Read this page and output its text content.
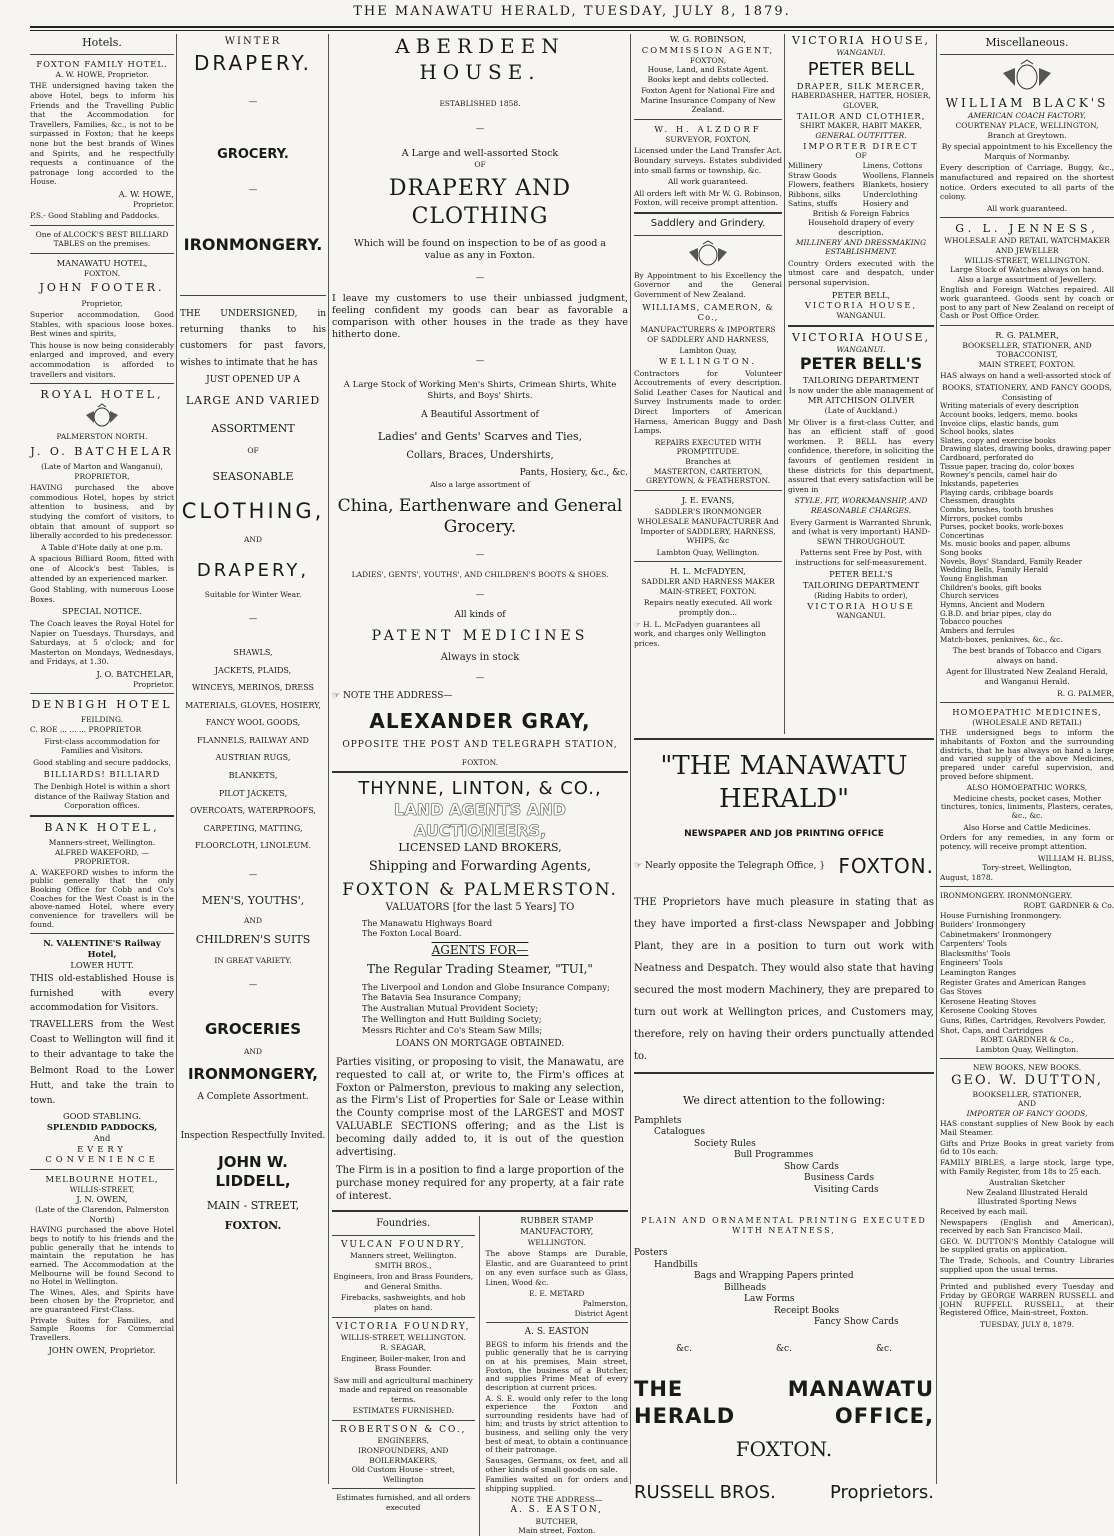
THE MANAWATU HERALD, TUESDAY, JULY 8, 1879.
Hotels.
FOXTON FAMILY HOTEL.
A. W. HOWE, Proprietor.

THE undersigned having taken the above Hotel, begs to inform his Friends and the Travelling Public that the Accommodation for Travellers, Families, &c., is not to be surpassed in Foxton; that he keeps none but the best brands of Wines and Spirits, and he respectfully requests a continuance of the patronage long accorded to the House.

A. W. HOWE,
Proprietor.

P.S.- Good Stabling and Paddocks.

One of ALCOCK'S BEST BILLIARD TABLES on the premises.

MANAWATU HOTEL,
FOXTON.
JOHN FOOTER.
Proprietor,

Superior accommodation. Good Stables, with spacious loose boxes. Best wines and spirits,

This house is now being considerably enlarged and improved, and every accommodation is afforded to travellers and visitors.

ROYAL HOTEL,
PALMERSTON NORTH.
J. O. BATCHELAR
(Late of Marton and Wanganui),
PROPRIETOR,

HAVING purchased the above commodious Hotel, hopes by strict attention to business, and by studying the comfort of visitors, to obtain that amount of support so liberally accorded to his predecessor.

A Table d'Hote daily at one p.m.

A spacious Billiard Room, fitted with one of Alcock's best Tables, is attended by an experienced marker.

Good Stabling, with numerous Loose Boxes.

SPECIAL NOTICE.

The Coach leaves the Royal Hotel for Napier on Tuesdays, Thursdays, and Saturdays, at 5 o'clock; and for Masterton on Mondays, Wednesdays, and Fridays, at 1.30.

J. O. BATCHELAR,
Proprietor.
DENBIGH HOTEL
FEILDING.
C. ROE ... ... ... PROPRIETOR

First-class accommodation for Families and Visitors.

Good stabling and secure paddocks,

BILLIARDS! BILLIARD

The Denbigh Hotel is within a short distance of the Railway Station and Corporation offices.

BANK HOTEL,
Manners-street, Wellington.
ALFRED WAKEFORD, — PROPRIETOR.

A. WAKEFORD wishes to inform the public generally that the only Booking Office for Cobb and Co's Coaches for the West Coast is in the above-named Hotel, where every convenience for travellers will be found.

N. VALENTINE'S Railway Hotel,
LOWER HUTT.

THIS old-established House is furnished with every accommodation for Visitors.

TRAVELLERS from the West Coast to Wellington will find it to their advantage to take the Belmont Road to the Lower Hutt, and take the train to town.

GOOD STABLING.
SPLENDID PADDOCKS,
And
EVERY CONVENIENCE
MELBOURNE HOTEL,
WILLIS-STREET,
J. N. OWEN,
(Late of the Clarendon, Palmerston North)

HAVING purchased the above Hotel begs to notify to his friends and the public generally that he intends to maintain the reputation he has earned. The Accommodation at the Melbourne will be found Second to no Hotel in Wellington.

The Wines, Ales, and Spirits have been chosen by the Proprietor, and are guaranteed First-Class.

Private Suites for Families, and Sample Rooms for Commercial Travellers.

JOHN OWEN, Proprietor.
WINTER
DRAPERY.
—
GROCERY.
—
IRONMONGERY.

THE UNDERSIGNED, in returning thanks to his customers for past favors, wishes to intimate that he has

JUST OPENED UP A
LARGE AND VARIED
ASSORTMENT
OF
SEASONABLE
CLOTHING,
AND
DRAPERY,
Suitable for Winter Wear.
—
SHAWLS,
JACKETS, PLAIDS,
WINCEYS, MERINOS, DRESS
MATERIALS, GLOVES, HOSIERY,
FANCY WOOL GOODS, FLANNELS, RAILWAY AND
AUSTRIAN RUGS,
BLANKETS,
PILOT JACKETS,
OVERCOATS, WATERPROOFS,
CARPETING, MATTING, FLOORCLOTH, LINOLEUM.
—
MEN'S, YOUTHS',
AND
CHILDREN'S SUITS
IN GREAT VARIETY.
—
GROCERIES
AND
IRONMONGERY,
A Complete Assortment.
Inspection Respectfully Invited.
JOHN W. LIDDELL,
MAIN - STREET,
FOXTON.
ABERDEEN HOUSE.
ESTABLISHED 1858.
—
A Large and well-assorted Stock
OF
DRAPERY AND CLOTHING

Which will be found on inspection to be of as good a value as any in Foxton.

—

I leave my customers to use their unbiassed judgment, feeling confident my goods can bear as favorable a comparison with other houses in the trade as they have hitherto done.

—

A Large Stock of Working Men's Shirts, Crimean Shirts, White Shirts, and Boys' Shirts.

A Beautiful Assortment of
Ladies' and Gents' Scarves and Ties,
Collars, Braces, Undershirts,
Pants, Hosiery, &c., &c.
Also a large assortment of
China, Earthenware and General Grocery.
—
LADIES', GENTS', YOUTHS', AND CHILDREN'S BOOTS & SHOES.
—
All kinds of
PATENT MEDICINES
Always in stock
—
☞ NOTE THE ADDRESS—
ALEXANDER GRAY,
OPPOSITE THE POST AND TELEGRAPH STATION,
FOXTON.
THYNNE, LINTON, & CO.,
LAND AGENTS AND AUCTIONEERS,
LICENSED LAND BROKERS,
Shipping and Forwarding Agents,
FOXTON & PALMERSTON.
VALUATORS [for the last 5 Years] TO
The Manawatu Highways Board
The Foxton Local Board.
AGENTS FOR—
The Regular Trading Steamer, "TUI,"
The Liverpool and London and Globe Insurance Company;
The Batavia Sea Insurance Company;
The Australian Mutual Provident Society;
The Wellington and Hutt Building Society;
Messrs Richter and Co's Steam Saw Mills;
LOANS ON MORTGAGE OBTAINED.

Parties visiting, or proposing to visit, the Manawatu, are requested to call at, or write to, the Firm's offices at Foxton or Palmerston, previous to making any selection, as the Firm's List of Properties for Sale or Lease within the County comprise most of the LARGEST and MOST VALUABLE SECTIONS offering; and as the List is becoming daily added to, it is out of the question advertising.

The Firm is in a position to find a large proportion of the purchase money required for any property, at a fair rate of interest.

Foundries.
VULCAN FOUNDRY,
Manners street, Wellington.
SMITH BROS.,

Engineers, Iron and Brass Founders, and General Smiths.

Firebacks, sashweights, and hob plates on hand.

VICTORIA FOUNDRY,
WILLIS-STREET, WELLINGTON.
R. SEAGAR,

Engineer, Boiler-maker, Iron and Brass Founder.

Saw mill and agricultural machinery made and repaired on reasonable terms.

ESTIMATES FURNISHED.
ROBERTSON & CO.,
ENGINEERS,
IRONFOUNDERS, AND BOILERMAKERS,
Old Custom House - street, Wellington
Estimates furnished, and all orders executed
RUBBER STAMP MANUFACTORY,
WELLINGTON.

The above Stamps are Durable, Elastic, and are Guaranteed to print on any even surface such as Glass, Linen, Wood &c.

E. E. METARD
Palmerston,
District Agent
A. S. EASTON

BEGS to inform his friends and the public generally that he is carrying on at his premises, Main street, Foxton, the business of a Butcher, and supplies Prime Meat of every description at current prices.

A. S. E. would only refer to the long experience the Foxton and surrounding residents have had of him; and trusts by strict attention to business, and selling only the very best of meat, to obtain a continuance of their patronage.

Sausages, Germans, ox feet, and all other kinds of small goods on sale.

Families waited on for orders and shipping supplied.

NOTE THE ADDRESS—
A. S. EASTON,
BUTCHER,
Main street, Foxton.
W. G. ROBINSON,
COMMISSION AGENT,
FOXTON,
House, Land, and Estate Agent.
Books kept and debts collected.

Foxton Agent for National Fire and Marine Insurance Company of New Zealand.

W. H. ALZDORF
SURVEYOR, FOXTON,

Licensed under the Land Transfer Act. Boundary surveys. Estates subdivided into small farms or township, &c.

All work guaranteed.

All orders left with Mr W. G. Robinson, Foxton, will receive prompt attention.

Saddlery and Grindery.

By Appointment to his Excellency the Governor and the General Government of New Zealand.

WILLIAMS, CAMERON, & Co.,

MANUFACTURERS & IMPORTERS OF SADDLERY AND HARNESS,

Lambton Quay,
WELLINGTON.

Contractors for Volunteer Accoutrements of every description. Solid Leather Cases for Nautical and Survey Instruments made to order. Direct Importers of American Harness, American Buggy and Dash Lamps.

REPAIRS EXECUTED WITH PROMPTITUDE.
Branches at
MASTERTON, CARTERTON, GREYTOWN, & FEATHERSTON.
J. E. EVANS,

SADDLER'S IRONMONGER WHOLESALE MANUFACTURER And Importer of SADDLERY, HARNESS, WHIPS, &c

Lambton Quay, Wellington.
H. L. McFADYEN,
SADDLER AND HARNESS MAKER
MAIN-STREET, FOXTON.

Repairs neatly executed. All work promptly don...

☞ H. L. McFadyen guarantees all work, and charges only Wellington prices.

VICTORIA HOUSE,
WANGANUI.
PETER BELL
DRAPER, SILK MERCER,
HABERDASHER, HATTER, HOSIER, GLOVER,
TAILOR AND CLOTHIER,
SHIRT MAKER, HABIT MAKER,
GENERAL OUTFITTER.
IMPORTER DIRECT
OF
Millinery
Straw Goods
Flowers, feathers
Ribbons, silks
Satins, stuffs
Linens, Cottons
Woollens, Flannels
Blankets, hosiery
Underclothing
Hosiery and
British & Foreign Fabrics
Household drapery of every description.
MILLINERY AND DRESSMAKING
ESTABLISHMENT.

Country Orders executed with the utmost care and despatch, under personal supervision.

PETER BELL,
VICTORIA HOUSE,
WANGANUI.
VICTORIA HOUSE,
WANGANUI.
PETER BELL'S
TAILORING DEPARTMENT
Is now under the able management of
MR AITCHISON OLIVER
(Late of Auckland.)

Mr Oliver is a first-class Cutter, and has an efficient staff of good workmen. P. BELL has every confidence, therefore, in soliciting the favours of gentlemen resident in these districts for this department, assured that every satisfaction will be given in

STYLE, FIT, WORKMANSHIP, AND REASONABLE CHARGES.

Every Garment is Warranted Shrunk, and (what is very important) HAND-SEWN THROUGHOUT.

Patterns sent Free by Post, with instructions for self-measurement.

PETER BELL'S
TAILORING DEPARTMENT
(Riding Habits to order),
VICTORIA HOUSE
WANGANUI.
"THE MANAWATU HERALD"
NEWSPAPER AND JOB PRINTING OFFICE
☞ Nearly opposite the Telegraph Office, } FOXTON.

THE Proprietors have much pleasure in stating that as they have imported a first-class Newspaper and Jobbing Plant, they are in a position to turn out work with Neatness and Despatch. They would also state that having secured the most modern Machinery, they are prepared to turn out work at Wellington prices, and Customers may, therefore, rely on having their orders punctually attended to.

We direct attention to the following:
Pamphlets
Catalogues
Society Rules
Bull Programmes
Show Cards
Business Cards
Visiting Cards
PLAIN AND ORNAMENTAL PRINTING EXECUTED WITH NEATNESS,
Posters
Handbills
Bags and Wrapping Papers printed
Billheads
Law Forms
Receipt Books
Fancy Show Cards
&c.	&c.	&c.
THE MANAWATU HERALD OFFICE,
FOXTON.
RUSSELL BROS.	Proprietors.
Miscellaneous.
WILLIAM BLACK'S
AMERICAN COACH FACTORY,
COURTENAY PLACE, WELLINGTON,
Branch at Greytown.

By special appointment to his Excellency the Marquis of Normanby.

Every description of Carriage, Buggy, &c., manufactured and repaired on the shortest notice. Orders executed to all parts of the colony.

All work guaranteed.
G. L. JENNESS,
WHOLESALE AND RETAIL WATCHMAKER AND JEWELLER
WILLIS-STREET, WELLINGTON.
Large Stock of Watches always on hand.
Also a large assortment of Jewellery.

English and Foreign Watches repaired. All work guaranteed. Goods sent by coach or post to any part of New Zealand on receipt of Cash or Post Office Order.

R. G. PALMER,
BOOKSELLER, STATIONER, AND TOBACCONIST,
MAIN STREET, FOXTON.

HAS always on hand a well-assorted stock of

BOOKS, STATIONERY, AND FANCY GOODS,
Consisting of
Writing materials of every description
Account books, ledgers, memo. books
Invoice clips, elastic bands, gum
School books, slates
Slates, copy and exercise books
Drawing slates, drawing books, drawing paper
Cardboard, perforated do
Tissue paper, tracing do, color boxes
Rowney's pencils, camel hair do
Inkstands, papeteries
Playing cards, cribbage boards
Chessmen, draughts
Combs, brushes, tooth brushes
Mirrors, pocket combs
Purses, pocket books, work-boxes
Concertinas
Ms. music books and paper, albums
Song books
Novels, Boys' Standard, Family Reader
Wedding Bells, Family Herald
Young Englishman
Children's books, gift books
Church services
Hymns, Ancient and Modern
G.B.D. and briar pipes, clay do
Tobacco pouches
Ambers and ferrules
Match-boxes, penknives, &c., &c.

The best brands of Tobacco and Cigars always on hand.

Agent for Illustrated New Zealand Herald, and Wanganui Herald.

R. G. PALMER,
HOMOEPATHIC MEDICINES,
(WHOLESALE AND RETAIL)

THE undersigned begs to inform the inhabitants of Foxton and the surrounding districts, that he has always on hand a large and varied supply of the above Medicines, prepared under careful supervision, and proved before shipment.

ALSO HOMOEPATHIC WORKS,

Medicine chests, pocket cases, Mother tinctures, tonics, liniments, Plasters, cerates, &c., &c.

Also Horse and Cattle Medicines.

Orders for any remedies, in any form or potency, will receive prompt attention.

WILLIAM H. BLISS,
Tory-street, Wellington,
August, 1878.
IRONMONGERY. IRONMONGERY.
ROBT. GARDNER & Co.
House Furnishing Ironmongery.
Builders' Ironmongery
Cabinetmakers' Ironmongery
Carpenters' Tools
Blacksmiths' Tools
Engineers' Tools
Leamington Ranges
Register Grates and American Ranges
Gas Stoves
Kerosene Heating Stoves
Kerosene Cooking Stoves
Guns, Rifles, Cartridges, Revolvers Powder, Shot, Caps, and Cartridges
ROBT. GARDNER & Co.,
Lambton Quay, Wellington.
NEW BOOKS, NEW BOOKS.
GEO. W. DUTTON,
BOOKSELLER, STATIONER,
AND
IMPORTER OF FANCY GOODS,

HAS constant supplies of New Book by each Mail Steamer.

Gifts and Prize Books in great variety from 6d to 10s each.

FAMILY BIBLES, a large stock, large type, with Family Register, from 18s to 25 each.

Australian Sketcher
New Zealand Illustrated Herald
Illustrated Sporting News
Received by each mail.

Newspapers (English and American), received by each San Francisco Mail.

GEO. W. DUTTON'S Monthly Catalogue will be supplied gratis on application.

The Trade, Schools, and Country Libraries supplied upon the usual terms.

Printed and published every Tuesday and Friday by GEORGE WARREN RUSSELL and JOHN RUFFELL RUSSELL, at their Registered Office, Main-street, Foxton.

TUESDAY, JULY 8, 1879.
